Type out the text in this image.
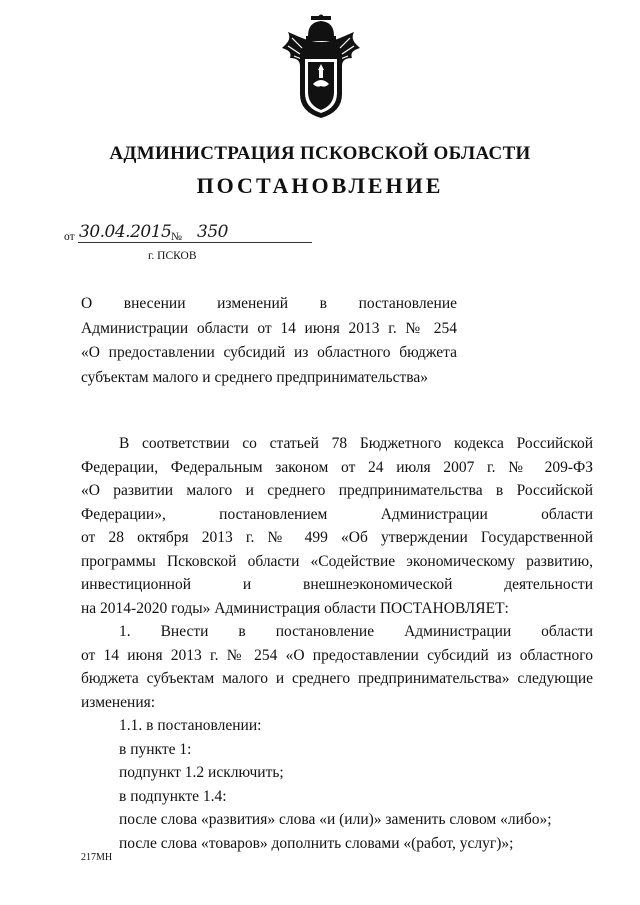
АДМИНИСТРАЦИЯ ПСКОВСКОЙ ОБЛАСТИ
ПОСТАНОВЛЕНИЕ
от 30.04.2015 № 350
г. ПСКОВ
О внесении изменений в постановление
Администрации области от 14 июня 2013 г. № 254
«О предоставлении субсидий из областного бюджета
субъектам малого и среднего предпринимательства»
В соответствии со статьей 78 Бюджетного кодекса Российской
Федерации, Федеральным законом от 24 июля 2007 г. № 209-ФЗ
«О развитии малого и среднего предпринимательства в Российской
Федерации», постановлением Администрации области
от 28 октября 2013 г. № 499 «Об утверждении Государственной
программы Псковской области «Содействие экономическому развитию,
инвестиционной и внешнеэкономической деятельности
на 2014-2020 годы» Администрация области ПОСТАНОВЛЯЕТ:
1. Внести в постановление Администрации области
от 14 июня 2013 г. № 254 «О предоставлении субсидий из областного
бюджета субъектам малого и среднего предпринимательства» следующие
изменения:
1.1. в постановлении:
в пункте 1:
подпункт 1.2 исключить;
в подпункте 1.4:
после слова «развития» слова «и (или)» заменить словом «либо»;
после слова «товаров» дополнить словами «(работ, услуг)»;
217МН
